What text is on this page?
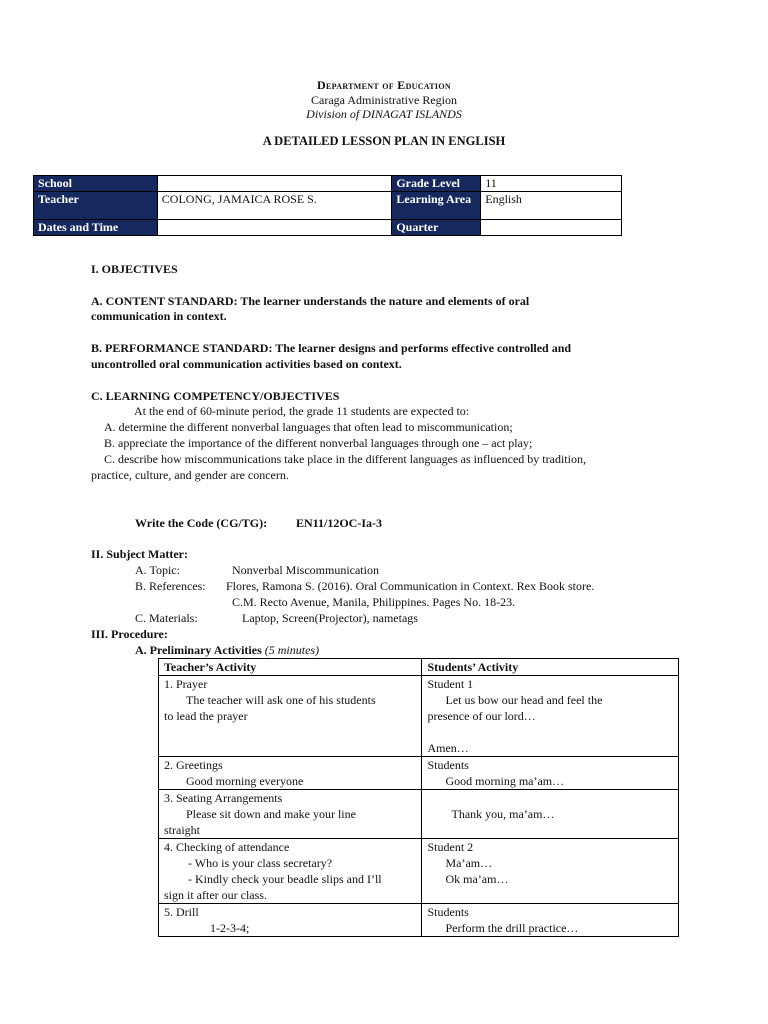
Department of Education
Caraga Administrative Region
Division of DINAGAT ISLANDS
A DETAILED LESSON PLAN IN ENGLISH
School		Grade Level	11
Teacher	COLONG, JAMAICA ROSE S.	Learning Area	English
Dates and Time		Quarter	
I. OBJECTIVES
A. CONTENT STANDARD: The learner understands the nature and elements of oral
communication in context.
B. PERFORMANCE STANDARD: The learner designs and performs effective controlled and
uncontrolled oral communication activities based on context.
C. LEARNING COMPETENCY/OBJECTIVES
At the end of 60-minute period, the grade 11 students are expected to:
A. determine the different nonverbal languages that often lead to miscommunication;
B. appreciate the importance of the different nonverbal languages through one – act play;
C. describe how miscommunications take place in the different languages as influenced by tradition,
practice, culture, and gender are concern.
Write the Code (CG/TG): EN11/12OC-Ia-3
II. Subject Matter:
A. Topic:	Nonverbal Miscommunication
B. References: Flores, Ramona S. (2016). Oral Communication in Context. Rex Book store.
C.M. Recto Avenue, Manila, Philippines. Pages No. 18-23.
C. Materials:	Laptop, Screen(Projector), nametags
III. Procedure:
A. Preliminary Activities (5 minutes)
Teacher’s Activity	Students’ Activity
1. Prayer

The teacher will ask one of his students
to lead the prayer	Student 1

Let us bow our head and feel the
presence of our lord…

Amen…

2. Greetings

Good morning everyone	Students

Good morning ma’am…

3. Seating Arrangements

Please sit down and make your line
straight	Thank you, ma’am…

4. Checking of attendance

- Who is your class secretary?
- Kindly check your beadle slips and I’ll
sign it after our class.	Student 2

Ma’am…
Ok ma’am…

5. Drill

1-2-3-4;	Students

Perform the drill practice…
